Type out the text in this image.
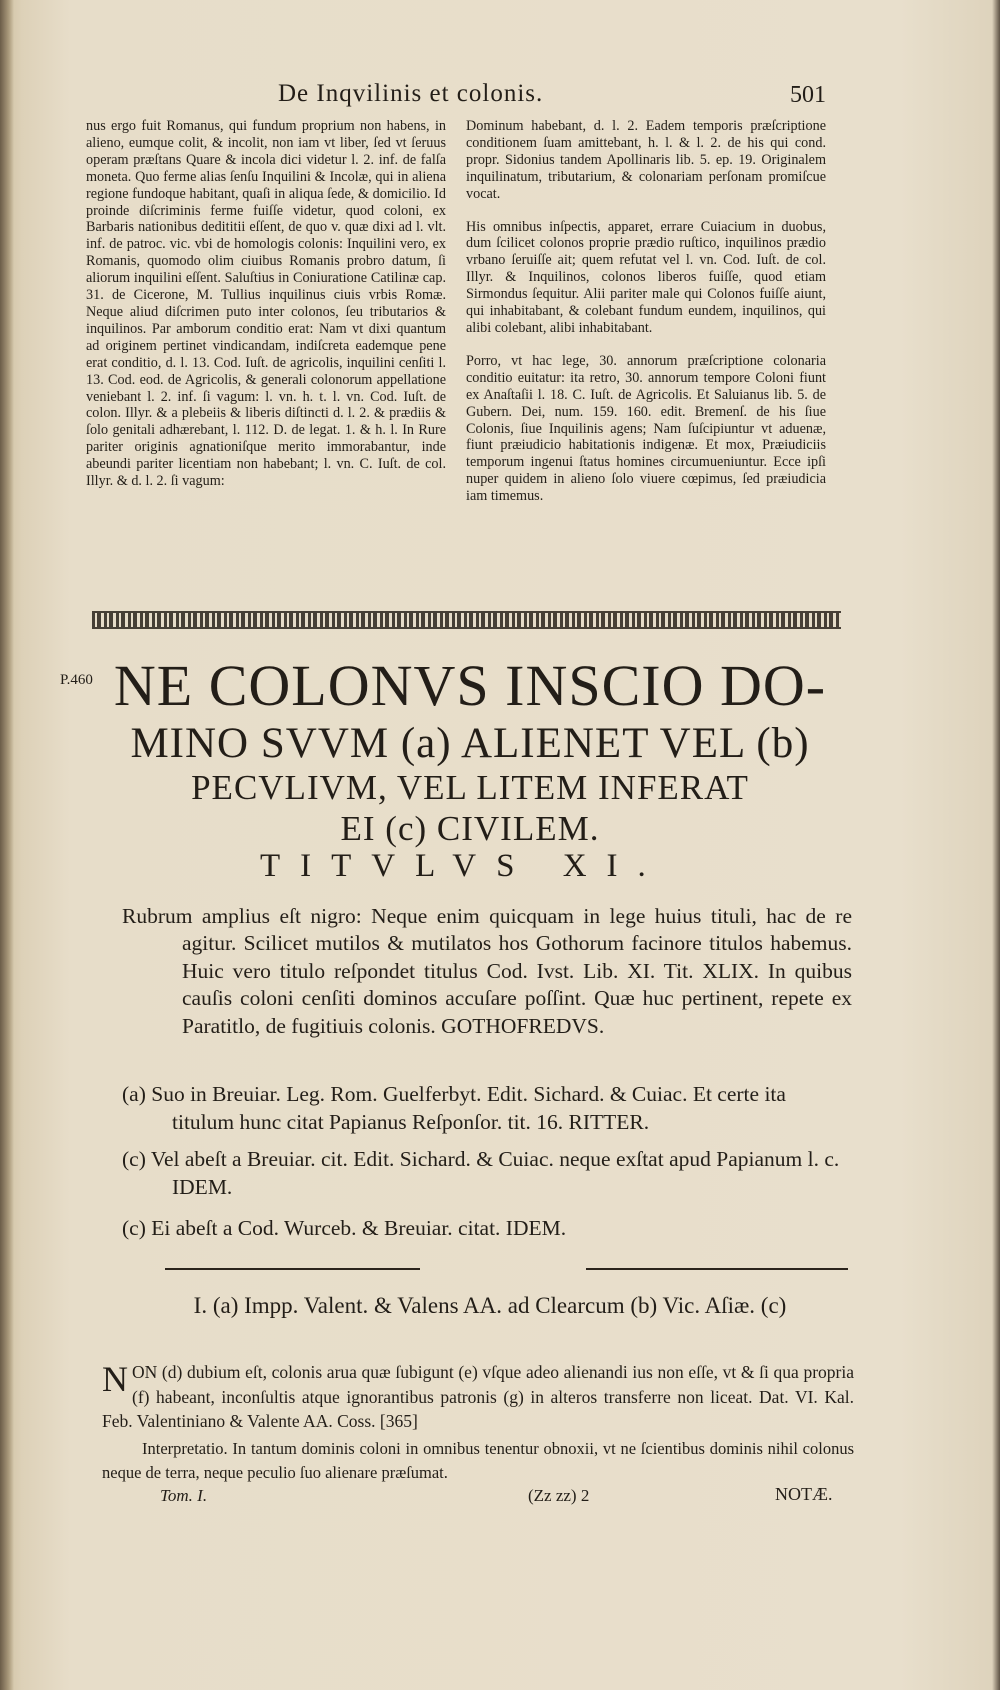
De Inqvilinis et colonis.	501

nus ergo fuit Romanus, qui fundum proprium non habens, in alieno, eumque colit, & incolit, non iam vt liber, ſed vt ſeruus operam præſtans Quare & incola dici videtur l. 2. inf. de falſa moneta. Quo ferme alias ſenſu Inquilini & Incolæ, qui in aliena regione fundoque habitant, quaſi in aliqua ſede, & domicilio. Id proinde diſcriminis ferme fuiſſe videtur, quod coloni, ex Barbaris nationibus dedititii eſſent, de quo v. quæ dixi ad l. vlt. inf. de patroc. vic. vbi de homologis colonis: Inquilini vero, ex Romanis, quomodo olim ciuibus Romanis probro datum, ſi aliorum inquilini eſſent. Saluſtius in Coniuratione Catilinæ cap. 31. de Cicerone, M. Tullius inquilinus ciuis vrbis Romæ. Neque aliud diſcrimen puto inter colonos, ſeu tributarios & inquilinos. Par amborum conditio erat: Nam vt dixi quantum ad originem pertinet vindicandam, indiſcreta eademque pene erat conditio, d. l. 13. Cod. Iuſt. de agricolis, inquilini cenſiti l. 13. Cod. eod. de Agricolis, & generali colonorum appellatione veniebant l. 2. inf. ſi vagum: l. vn. h. t. l. vn. Cod. Iuſt. de colon. Illyr. & a plebeiis & liberis diſtincti d. l. 2. & prædiis & ſolo genitali adhærebant, l. 112. D. de legat. 1. & h. l. In Rure pariter originis agnationiſque merito immorabantur, inde abeundi pariter licentiam non habebant; l. vn. C. Iuſt. de col. Illyr. & d. l. 2. ſi vagum:

Dominum habebant, d. l. 2. Eadem temporis præſcriptione conditionem ſuam amittebant, h. l. & l. 2. de his qui cond. propr. Sidonius tandem Apollinaris lib. 5. ep. 19. Originalem inquilinatum, tributarium, & colonariam perſonam promiſcue vocat.

His omnibus inſpectis, apparet, errare Cuiacium in duobus, dum ſcilicet colonos proprie prædio ruſtico, inquilinos prædio vrbano ſeruiſſe ait; quem refutat vel l. vn. Cod. Iuſt. de col. Illyr. & Inquilinos, colonos liberos fuiſſe, quod etiam Sirmondus ſequitur. Alii pariter male qui Colonos fuiſſe aiunt, qui inhabitabant, & colebant fundum eundem, inquilinos, qui alibi colebant, alibi inhabitabant.

Porro, vt hac lege, 30. annorum præſcriptione colonaria conditio euitatur: ita retro, 30. annorum tempore Coloni fiunt ex Anaſtaſii l. 18. C. Iuſt. de Agricolis. Et Saluianus lib. 5. de Gubern. Dei, num. 159. 160. edit. Bremenſ. de his ſiue Colonis, ſiue Inquilinis agens; Nam ſuſcipiuntur vt aduenæ, fiunt præiudicio habitationis indigenæ. Et mox, Præiudiciis temporum ingenui ſtatus homines circumueniuntur. Ecce ipſi nuper quidem in alieno ſolo viuere cœpimus, ſed præiudicia iam timemus.

P.460 NE COLONVS INSCIO DO-
MINO SVVM (a) ALIENET VEL (b)
PECVLIVM, VEL LITEM INFERAT
EI (c) CIVILEM.
TITVLVS XI.
Rubrum amplius eſt nigro: Neque enim quicquam in lege huius tituli, hac de re agitur. Scilicet mutilos & mutilatos hos Gothorum facinore titulos habemus. Huic vero titulo reſpondet titulus Cod. Ivst. Lib. XI. Tit. XLIX. In quibus cauſis coloni cenſiti dominos accuſare poſſint. Quæ huc pertinent, repete ex Paratitlo, de fugitiuis colonis. GOTHOFREDVS.
(a) Suo in Breuiar. Leg. Rom. Guelferbyt. Edit. Sichard. & Cuiac. Et certe ita titulum hunc citat Papianus Reſponſor. tit. 16. RITTER.
(c) Vel abeſt a Breuiar. cit. Edit. Sichard. & Cuiac. neque exſtat apud Papianum l. c. IDEM.
(c) Ei abeſt a Cod. Wurceb. & Breuiar. citat. IDEM.
I. (a) Impp. Valent. & Valens AA. ad Clearcum (b) Vic. Aſiæ. (c)
N ON (d) dubium eſt, colonis arua quæ ſubigunt (e) vſque adeo alienandi ius non eſſe, vt & ſi qua propria (f) habeant, inconſultis atque ignorantibus patronis (g) in alteros transferre non liceat. Dat. VI. Kal. Feb. Valentiniano & Valente AA. Coss. [365]
Interpretatio. In tantum dominis coloni in omnibus tenentur obnoxii, vt ne ſcientibus dominis nihil colonus neque de terra, neque peculio ſuo alienare præſumat.
Tom. I.	(Zz zz) 2	NOTÆ.
